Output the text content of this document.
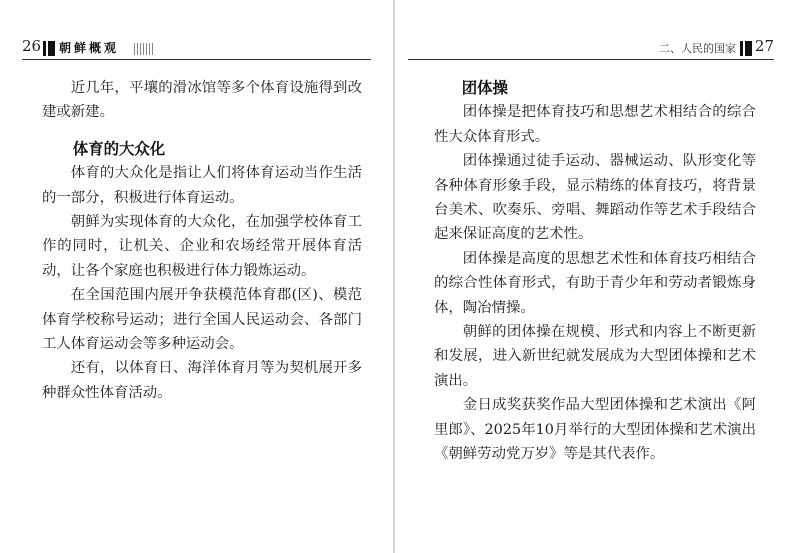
26 朝鲜概观

近几年，平壤的滑冰馆等多个体育设施得到改建或新建。

体育的大众化

体育的大众化是指让人们将体育运动当作生活的一部分，积极进行体育运动。

朝鲜为实现体育的大众化，在加强学校体育工作的同时，让机关、企业和农场经常开展体育活动，让各个家庭也积极进行体力锻炼运动。

在全国范围内展开争获模范体育郡(区)、模范体育学校称号运动；进行全国人民运动会、各部门工人体育运动会等多种运动会。

还有，以体育日、海洋体育月等为契机展开多种群众性体育活动。

二、人民的国家 27
团体操

团体操是把体育技巧和思想艺术相结合的综合性大众体育形式。

团体操通过徒手运动、器械运动、队形变化等各种体育形象手段，显示精练的体育技巧，将背景台美术、吹奏乐、旁唱、舞蹈动作等艺术手段结合起来保证高度的艺术性。

团体操是高度的思想艺术性和体育技巧相结合的综合性体育形式，有助于青少年和劳动者锻炼身体，陶冶情操。

朝鲜的团体操在规模、形式和内容上不断更新和发展，进入新世纪就发展成为大型团体操和艺术演出。

金日成奖获奖作品大型团体操和艺术演出《阿里郎》、2025年10月举行的大型团体操和艺术演出《朝鲜劳动党万岁》等是其代表作。
